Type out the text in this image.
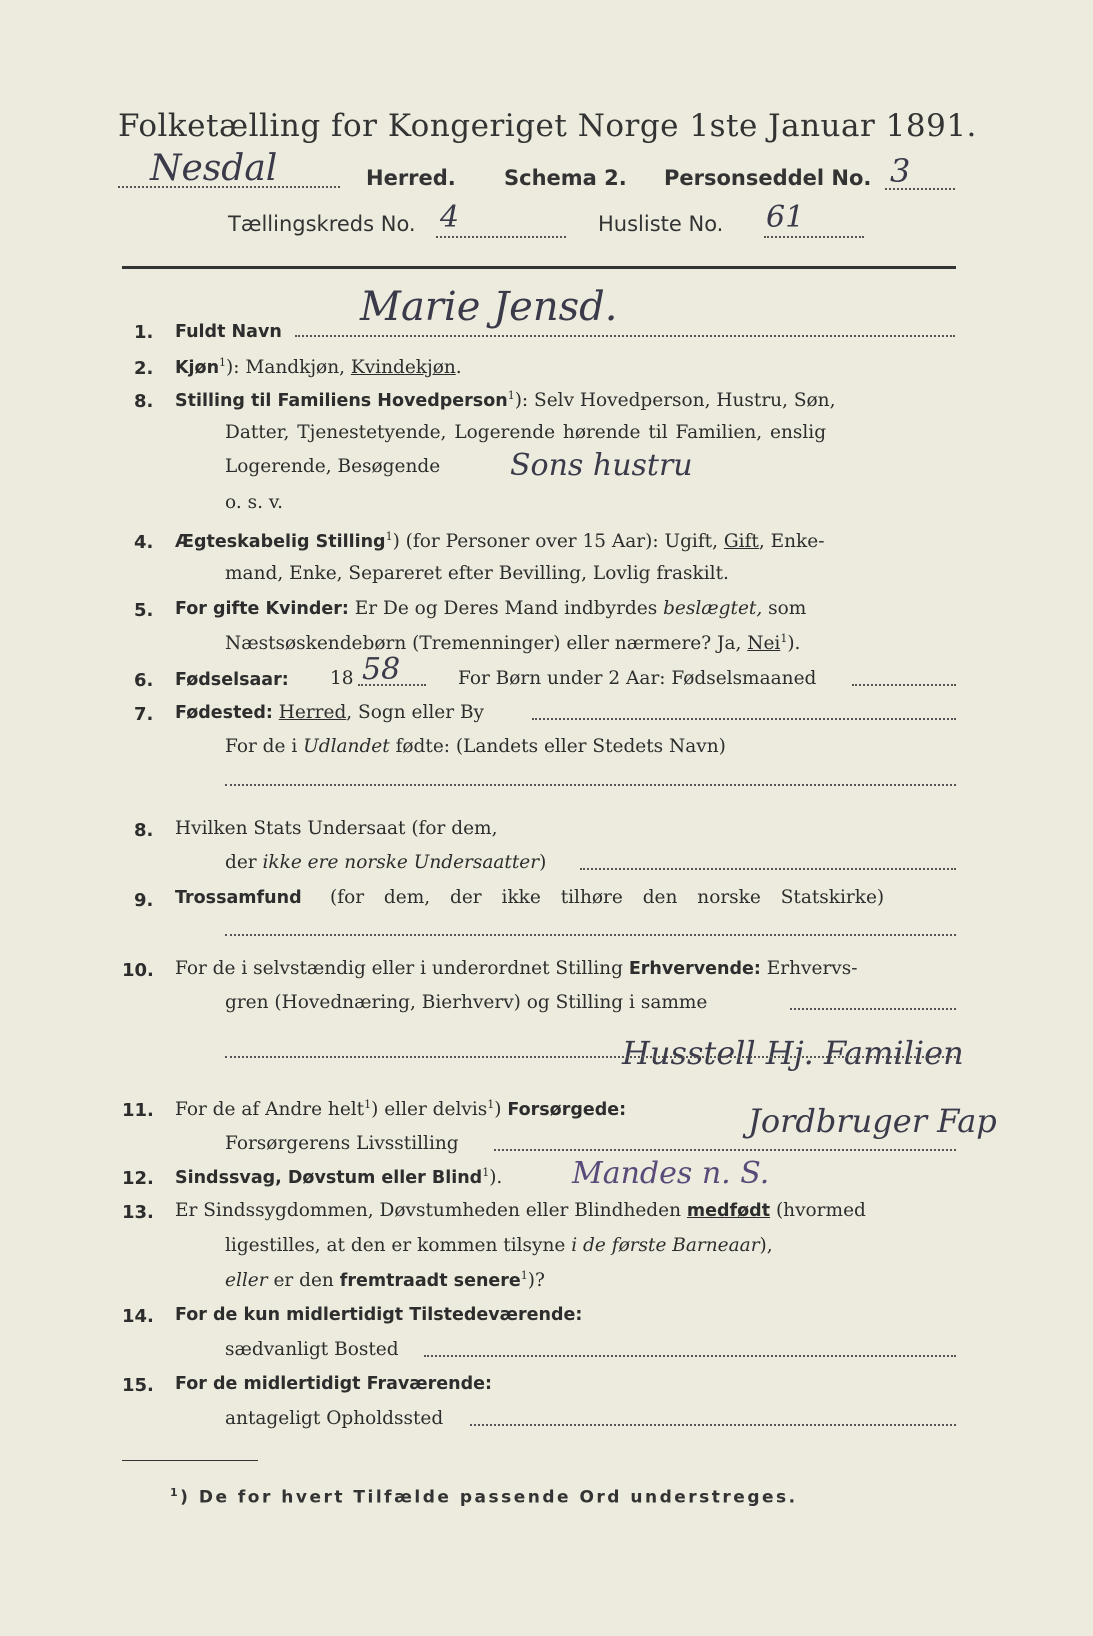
Folketælling for Kongeriget Norge 1ste Januar 1891.
Nesdal	Herred. Schema 2. Personseddel No. 3
Tællingskreds No. 4	Husliste No. 61
1. Fuldt Navn
Marie Jensd.
2. Kjøn$^1$): Mandkjøn, Kvindekjøn.
8. Stilling til Familiens Hovedperson$^1$): Selv Hovedperson, Hustru, Søn,
Datter, Tjenestetyende, Logerende hørende til Familien, enslig
Logerende, Besøgende Sons hustru
o. s. v.
4. Ægteskabelig Stilling$^1$) (for Personer over 15 Aar): Ugift, Gift, Enke-
mand, Enke, Separeret efter Bevilling, Lovlig fraskilt.
5. For gifte Kvinder: Er De og Deres Mand indbyrdes beslægtet, som
Næstsøskendebørn (Tremenninger) eller nærmere? Ja, Nei$^1$).
6. Fødselsaar: 18 58	For Børn under 2 Aar: Fødselsmaaned
7. Fødested: Herred, Sogn eller By
For de i Udlandet fødte: (Landets eller Stedets Navn)
8. Hvilken Stats Undersaat (for dem,
der ikke ere norske Undersaatter)
9. Trossamfund (for dem, der ikke tilhøre den norske Statskirke)
10. For de i selvstændig eller i underordnet Stilling Erhvervende: Erhvervs-
gren (Hovednæring, Bierhverv) og Stilling i samme
Husstell Hj. Familien
11. For de af Andre helt$^1$) eller delvis$^1$) Forsørgede:
Forsørgerens Livsstilling
Jordbruger Fap
12. Sindssvag, Døvstum eller Blind$^1$). Mandes n. S.
13. Er Sindssygdommen, Døvstumheden eller Blindheden medfødt (hvormed
ligestilles, at den er kommen tilsyne i de første Barneaar),
eller er den fremtraadt senere$^1$)?
14. For de kun midlertidigt Tilstedeværende:
sædvanligt Bosted
15. For de midlertidigt Fraværende:
antageligt Opholdssted
$^1$) De for hvert Tilfælde passende Ord understreges.
